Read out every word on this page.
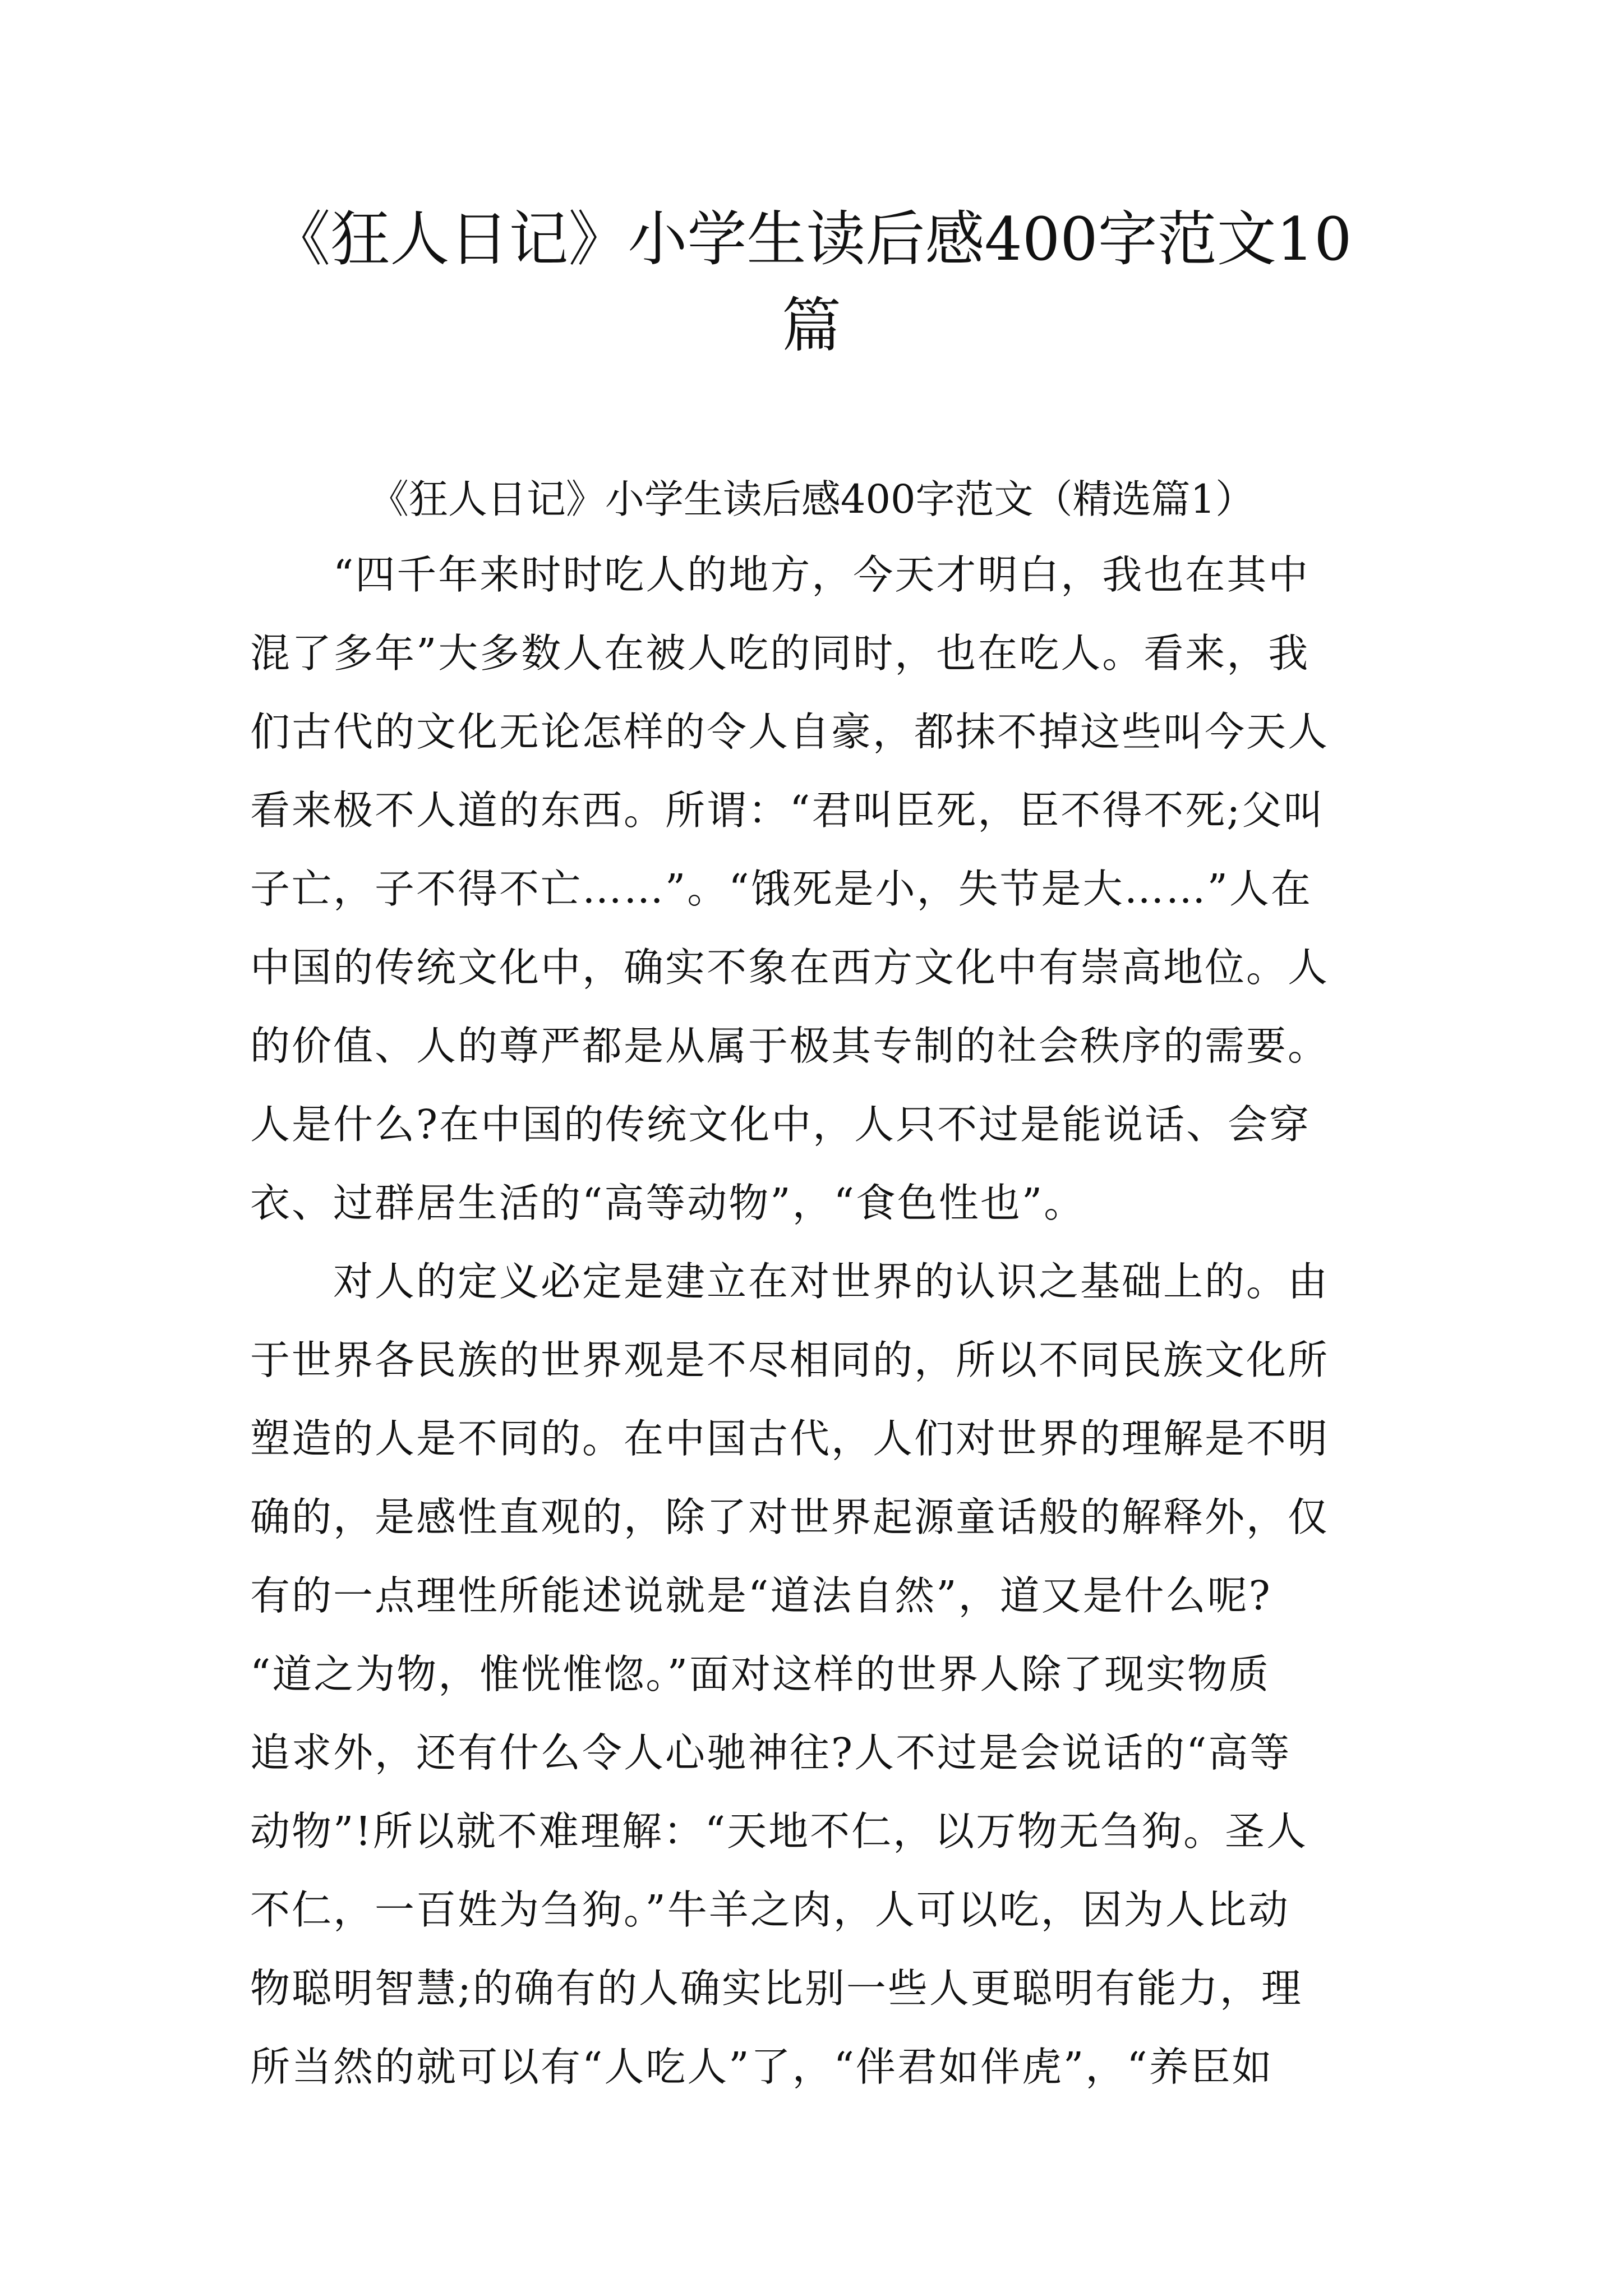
《狂人日记》小学生读后感400字范文10
篇
《狂人日记》小学生读后感400字范文（精选篇1）
　　“四千年来时时吃人的地方，今天才明白，我也在其中
混了多年”大多数人在被人吃的同时，也在吃人。看来，我
们古代的文化无论怎样的令人自豪，都抹不掉这些叫今天人
看来极不人道的东西。所谓：“君叫臣死，臣不得不死;父叫
子亡，子不得不亡……”。“饿死是小，失节是大……”人在
中国的传统文化中，确实不象在西方文化中有崇高地位。人
的价值、人的尊严都是从属于极其专制的社会秩序的需要。
人是什么?在中国的传统文化中，人只不过是能说话、会穿
衣、过群居生活的“高等动物”，“食色性也”。
　　对人的定义必定是建立在对世界的认识之基础上的。由
于世界各民族的世界观是不尽相同的，所以不同民族文化所
塑造的人是不同的。在中国古代，人们对世界的理解是不明
确的，是感性直观的，除了对世界起源童话般的解释外，仅
有的一点理性所能述说就是“道法自然”，道又是什么呢?
“道之为物，惟恍惟惚。”面对这样的世界人除了现实物质
追求外，还有什么令人心驰神往?人不过是会说话的“高等
动物”!所以就不难理解：“天地不仁，以万物无刍狗。圣人
不仁，一百姓为刍狗。”牛羊之肉，人可以吃，因为人比动
物聪明智慧;的确有的人确实比别一些人更聪明有能力，理
所当然的就可以有“人吃人”了，“伴君如伴虎”，“养臣如
